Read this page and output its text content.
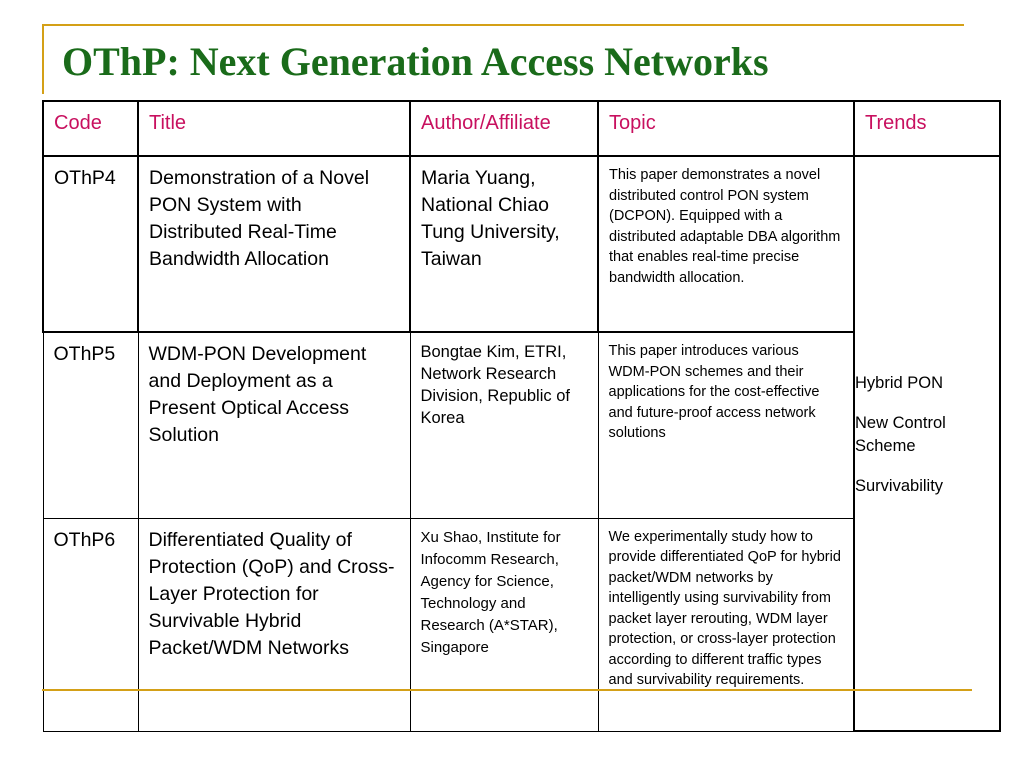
OThP: Next Generation Access Networks
Code	Title	Author/Affiliate	Topic	Trends

OThP4	Demonstration of a Novel PON System with Distributed Real-Time Bandwidth Allocation	Maria Yuang, National Chiao Tung University, Taiwan	This paper demonstrates a novel distributed control PON system (DCPON). Equipped with a distributed adaptable DBA algorithm that enables real-time precise bandwidth allocation.	Hybrid PON

New Control Scheme

Survivability

OThP5	WDM-PON Development and Deployment as a Present Optical Access Solution	Bongtae Kim, ETRI, Network Research Division, Republic of Korea	This paper introduces various WDM-PON schemes and their applications for the cost-effective and future-proof access network solutions	

OThP6	Differentiated Quality of Protection (QoP) and Cross-Layer Protection for Survivable Hybrid Packet/WDM Networks	Xu Shao, Institute for Infocomm Research, Agency for Science, Technology and Research (A*STAR), Singapore	We experimentally study how to provide differentiated QoP for hybrid packet/WDM networks by intelligently using survivability from packet layer rerouting, WDM layer protection, or cross-layer protection according to different traffic types and survivability requirements.	
